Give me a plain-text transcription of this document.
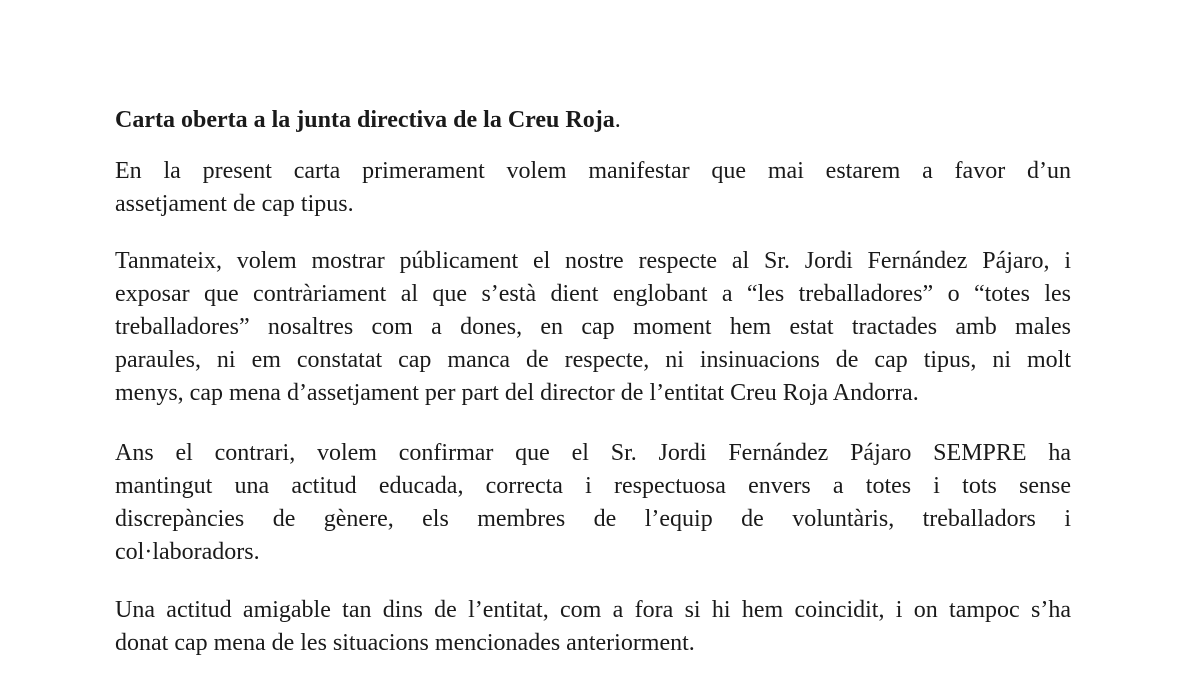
Carta oberta a la junta directiva de la Creu Roja.

En la present carta primerament volem manifestar que mai estarem a favor d’un
assetjament de cap tipus.

Tanmateix, volem mostrar públicament el nostre respecte al Sr. Jordi Fernández Pájaro, i
exposar que contràriament al que s’està dient englobant a “les treballadores” o “totes les
treballadores” nosaltres com a dones, en cap moment hem estat tractades amb males
paraules, ni em constatat cap manca de respecte, ni insinuacions de cap tipus, ni molt
menys, cap mena d’assetjament per part del director de l’entitat Creu Roja Andorra.

Ans el contrari, volem confirmar que el Sr. Jordi Fernández Pájaro SEMPRE ha
mantingut una actitud educada, correcta i respectuosa envers a totes i tots sense
discrepàncies de gènere, els membres de l’equip de voluntàris, treballadors i
col·laboradors.

Una actitud amigable tan dins de l’entitat, com a fora si hi hem coincidit, i on tampoc s’ha
donat cap mena de les situacions mencionades anteriorment.
